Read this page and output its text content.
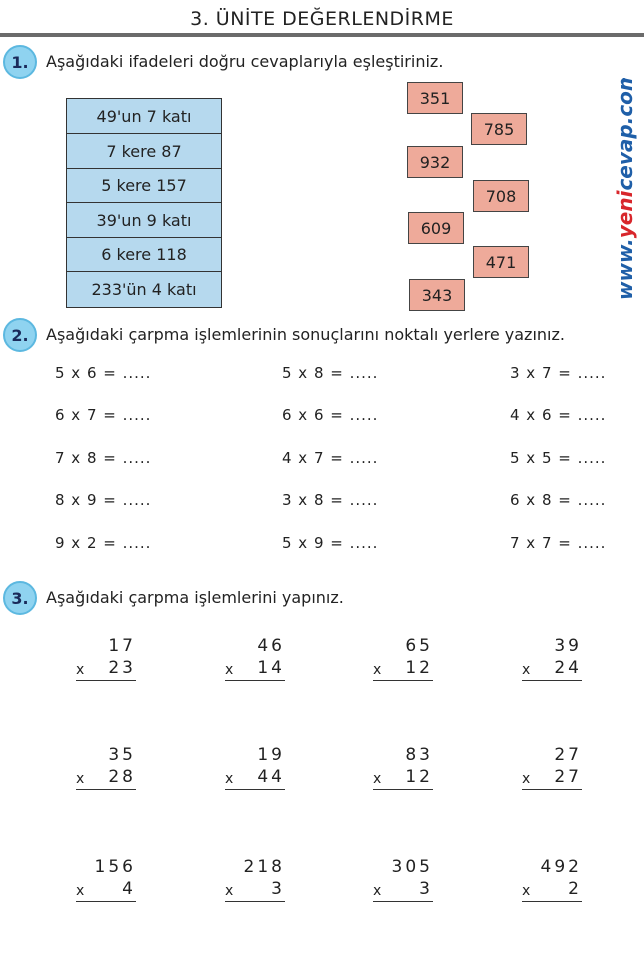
3. ÜNİTE DEĞERLENDİRME
www.yenicevap.com
1.	Aşağıdaki ifadeleri doğru cevaplarıyla eşleştiriniz.
49'un 7 katı
7 kere 87
5 kere 157
39'un 9 katı
6 kere 118
233'ün 4 katı
351
785
932
708
609
471
343
2.	Aşağıdaki çarpma işlemlerinin sonuçlarını noktalı yerlere yazınız.
5 x 6 = .....	5 x 8 = .....	3 x 7 = .....
6 x 7 = .....	6 x 6 = .....	4 x 6 = .....
7 x 8 = .....	4 x 7 = .....	5 x 5 = .....
8 x 9 = .....	3 x 8 = .....	6 x 8 = .....
9 x 2 = .....	5 x 9 = .....	7 x 7 = .....
3.	Aşağıdaki çarpma işlemlerini yapınız.
17
x 23
46
x 14
65
x 12
39
x 24
35
x 28
19
x 44
83
x 12
27
x 27
156
x 4
218
x 3
305
x 3
492
x 2
